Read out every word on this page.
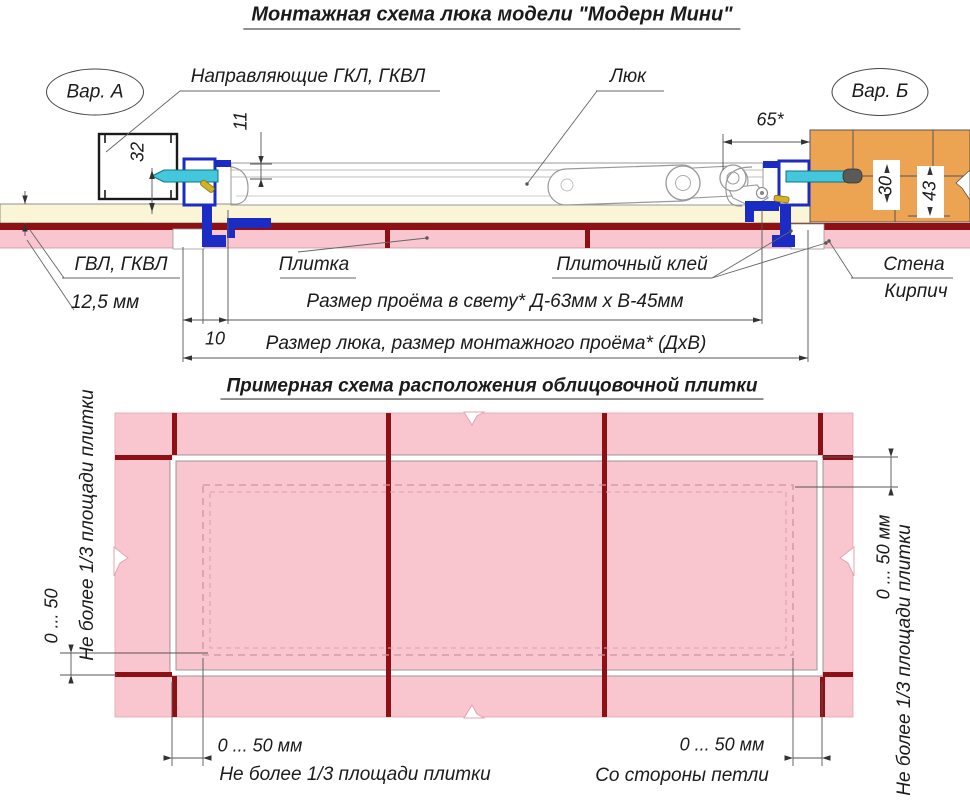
Монтажная схема люка модели "Модерн Мини"
Вар. А	Вар. Б
Направляющие ГКЛ, ГКВЛ	Люк
65*
32
11
30 43
ГВЛ, ГКВЛ
12,5 мм
Плитка	Плиточный клей	Стена
Кирпич
Размер проёма в свету* Д-63мм х В-45мм
10 Размер люка, размер монтажного проёма* (ДхВ)
Примерная схема расположения облицовочной плитки
Не более 1/3 площади плитки
0 ... 50
0 ... 50 мм Не более 1/3 площади плитки
0 ... 50 мм
Не более 1/3 площади плитки
0 ... 50 мм
Со стороны петли
